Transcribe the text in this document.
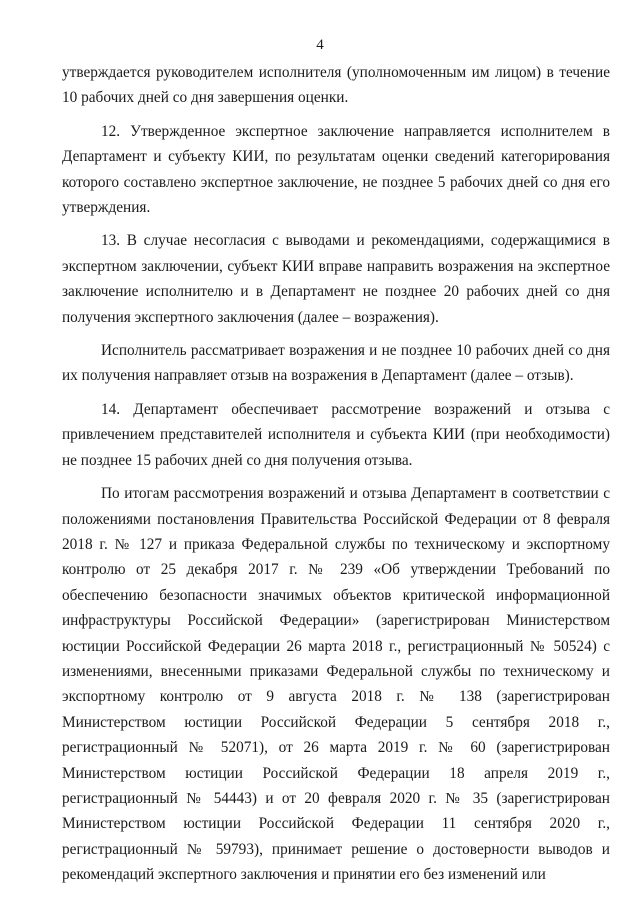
4

утверждается руководителем исполнителя (уполномоченным им лицом) в течение 10 рабочих дней со дня завершения оценки.

12. Утвержденное экспертное заключение направляется исполнителем в Департамент и субъекту КИИ, по результатам оценки сведений категорирования которого составлено экспертное заключение, не позднее 5 рабочих дней со дня его утверждения.

13. В случае несогласия с выводами и рекомендациями, содержащимися в экспертном заключении, субъект КИИ вправе направить возражения на экспертное заключение исполнителю и в Департамент не позднее 20 рабочих дней со дня получения экспертного заключения (далее – возражения).

Исполнитель рассматривает возражения и не позднее 10 рабочих дней со дня их получения направляет отзыв на возражения в Департамент (далее – отзыв).

14. Департамент обеспечивает рассмотрение возражений и отзыва с привлечением представителей исполнителя и субъекта КИИ (при необходимости) не позднее 15 рабочих дней со дня получения отзыва.

По итогам рассмотрения возражений и отзыва Департамент в соответствии с положениями постановления Правительства Российской Федерации от 8 февраля 2018 г. № 127 и приказа Федеральной службы по техническому и экспортному контролю от 25 декабря 2017 г. № 239 «Об утверждении Требований по обеспечению безопасности значимых объектов критической информационной инфраструктуры Российской Федерации» (зарегистрирован Министерством юстиции Российской Федерации 26 марта 2018 г., регистрационный № 50524) с изменениями, внесенными приказами Федеральной службы по техническому и экспортному контролю от 9 августа 2018 г. № 138 (зарегистрирован Министерством юстиции Российской Федерации 5 сентября 2018 г., регистрационный № 52071), от 26 марта 2019 г. № 60 (зарегистрирован Министерством юстиции Российской Федерации 18 апреля 2019 г., регистрационный № 54443) и от 20 февраля 2020 г. № 35 (зарегистрирован Министерством юстиции Российской Федерации 11 сентября 2020 г., регистрационный № 59793), принимает решение о достоверности выводов и рекомендаций экспертного заключения и принятии его без изменений или
